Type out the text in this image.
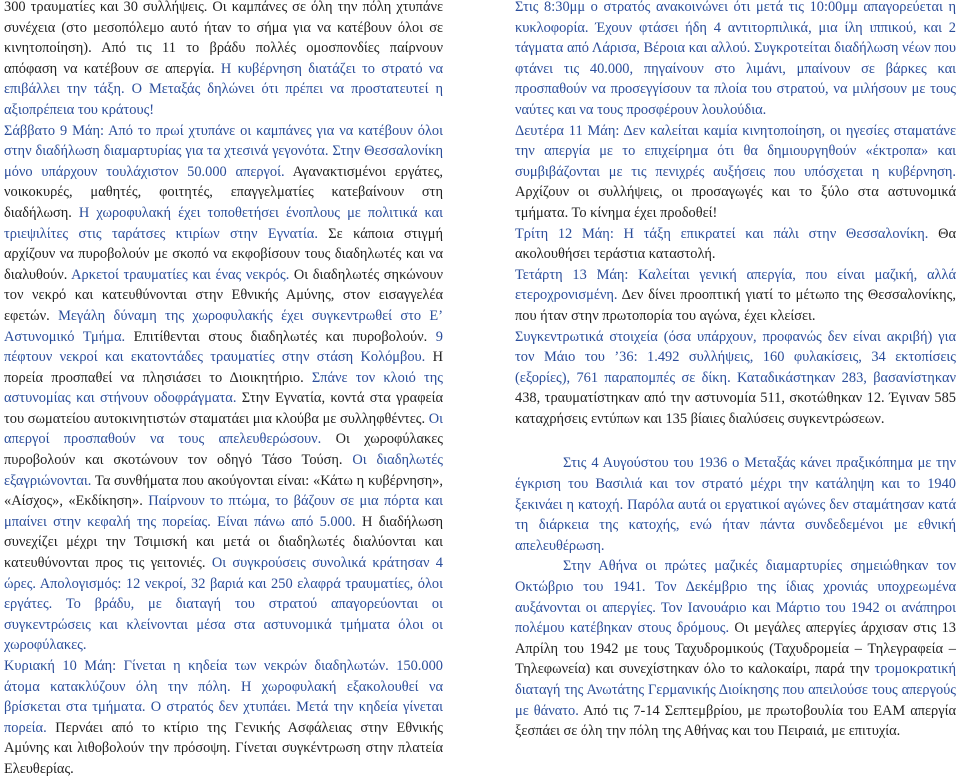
300 τραυματίες και 30 συλλήψεις. Οι καμπάνες σε όλη την πόλη χτυπάνε συνέχεια (στο μεσοπόλεμο αυτό ήταν το σήμα για να κατέβουν όλοι σε κινητοποίηση). Από τις 11 το βράδυ πολλές ομοσπονδίες παίρνουν απόφαση να κατέβουν σε απεργία. Η κυβέρνηση διατάζει το στρατό να επιβάλλει την τάξη. Ο Μεταξάς δηλώνει ότι πρέπει να προστατευτεί η αξιοπρέπεια του κράτους!

Σάββατο 9 Μάη: Από το πρωί χτυπάνε οι καμπάνες για να κατέβουν όλοι στην διαδήλωση διαμαρτυρίας για τα χτεσινά γεγονότα. Στην Θεσσαλονίκη μόνο υπάρχουν τουλάχιστον 50.000 απεργοί. Αγανακτισμένοι εργάτες, νοικοκυρές, μαθητές, φοιτητές, επαγγελματίες κατεβαίνουν στη διαδήλωση. Η χωροφυλακή έχει τοποθετήσει ένοπλους με πολιτικά και τριεψιλίτες στις ταράτσες κτιρίων στην Εγνατία. Σε κάποια στιγμή αρχίζουν να πυροβολούν με σκοπό να εκφοβίσουν τους διαδηλωτές και να διαλυθούν. Αρκετοί τραυματίες και ένας νεκρός. Οι διαδηλωτές σηκώνουν τον νεκρό και κατευθύνονται στην Εθνικής Αμύνης, στον εισαγγελέα εφετών. Μεγάλη δύναμη της χωροφυλακής έχει συγκεντρωθεί στο Ε’ Αστυνομικό Τμήμα. Επιτίθενται στους διαδηλωτές και πυροβολούν. 9 πέφτουν νεκροί και εκατοντάδες τραυματίες στην στάση Κολόμβου. Η πορεία προσπαθεί να πλησιάσει το Διοικητήριο. Σπάνε τον κλοιό της αστυνομίας και στήνουν οδοφράγματα. Στην Εγνατία, κοντά στα γραφεία του σωματείου αυτοκινητιστών σταματάει μια κλούβα με συλληφθέντες. Οι απεργοί προσπαθούν να τους απελευθερώσουν. Οι χωροφύλακες πυροβολούν και σκοτώνουν τον οδηγό Τάσο Τούση. Οι διαδηλωτές εξαγριώνονται. Τα συνθήματα που ακούγονται είναι: «Κάτω η κυβέρνηση», «Αίσχος», «Εκδίκηση». Παίρνουν το πτώμα, το βάζουν σε μια πόρτα και μπαίνει στην κεφαλή της πορείας. Είναι πάνω από 5.000. Η διαδήλωση συνεχίζει μέχρι την Τσιμισκή και μετά οι διαδηλωτές διαλύονται και κατευθύνονται προς τις γειτονιές. Οι συγκρούσεις συνολικά κράτησαν 4 ώρες. Απολογισμός: 12 νεκροί, 32 βαριά και 250 ελαφρά τραυματίες, όλοι εργάτες. Το βράδυ, με διαταγή του στρατού απαγορεύονται οι συγκεντρώσεις και κλείνονται μέσα στα αστυνομικά τμήματα όλοι οι χωροφύλακες.

Κυριακή 10 Μάη: Γίνεται η κηδεία των νεκρών διαδηλωτών. 150.000 άτομα κατακλύζουν όλη την πόλη. Η χωροφυλακή εξακολουθεί να βρίσκεται στα τμήματα. Ο στρατός δεν χτυπάει. Μετά την κηδεία γίνεται πορεία. Περνάει από το κτίριο της Γενικής Ασφάλειας στην Εθνικής Αμύνης και λιθοβολούν την πρόσοψη. Γίνεται συγκέντρωση στην πλατεία Ελευθερίας.

Στις 8:30μμ ο στρατός ανακοινώνει ότι μετά τις 10:00μμ απαγορεύεται η κυκλοφορία. Έχουν φτάσει ήδη 4 αντιτορπιλικά, μια ίλη ιππικού, και 2 τάγματα από Λάρισα, Βέροια και αλλού. Συγκροτείται διαδήλωση νέων που φτάνει τις 40.000, πηγαίνουν στο λιμάνι, μπαίνουν σε βάρκες και προσπαθούν να προσεγγίσουν τα πλοία του στρατού, να μιλήσουν με τους ναύτες και να τους προσφέρουν λουλούδια.

Δευτέρα 11 Μάη: Δεν καλείται καμία κινητοποίηση, οι ηγεσίες σταματάνε την απεργία με το επιχείρημα ότι θα δημιουργηθούν «έκτροπα» και συμβιβάζονται με τις πενιχρές αυξήσεις που υπόσχεται η κυβέρνηση. Αρχίζουν οι συλλήψεις, οι προσαγωγές και το ξύλο στα αστυνομικά τμήματα. Το κίνημα έχει προδοθεί!

Τρίτη 12 Μάη: Η τάξη επικρατεί και πάλι στην Θεσσαλονίκη. Θα ακολουθήσει τεράστια καταστολή.

Τετάρτη 13 Μάη: Καλείται γενική απεργία, που είναι μαζική, αλλά ετεροχρονισμένη. Δεν δίνει προοπτική γιατί το μέτωπο της Θεσσαλονίκης, που ήταν στην πρωτοπορία του αγώνα, έχει κλείσει.

Συγκεντρωτικά στοιχεία (όσα υπάρχουν, προφανώς δεν είναι ακριβή) για τον Μάιο του ’36: 1.492 συλλήψεις, 160 φυλακίσεις, 34 εκτοπίσεις (εξορίες), 761 παραπομπές σε δίκη. Καταδικάστηκαν 283, βασανίστηκαν 438, τραυματίστηκαν από την αστυνομία 511, σκοτώθηκαν 12. Έγιναν 585 καταχρήσεις εντύπων και 135 βίαιες διαλύσεις συγκεντρώσεων.

Στις 4 Αυγούστου του 1936 ο Μεταξάς κάνει πραξικόπημα με την έγκριση του Βασιλιά και τον στρατό μέχρι την κατάληψη και το 1940 ξεκινάει η κατοχή. Παρόλα αυτά οι εργατικοί αγώνες δεν σταμάτησαν κατά τη διάρκεια της κατοχής, ενώ ήταν πάντα συνδεδεμένοι με εθνική απελευθέρωση.

Στην Αθήνα οι πρώτες μαζικές διαμαρτυρίες σημειώθηκαν τον Οκτώβριο του 1941. Τον Δεκέμβριο της ίδιας χρονιάς υποχρεωμένα αυξάνονται οι απεργίες. Τον Ιανουάριο και Μάρτιο του 1942 οι ανάπηροι πολέμου κατέβηκαν στους δρόμους. Οι μεγάλες απεργίες άρχισαν στις 13 Απρίλη του 1942 με τους Ταχυδρομικούς (Ταχυδρομεία – Τηλεγραφεία – Τηλεφωνεία) και συνεχίστηκαν όλο το καλοκαίρι, παρά την τρομοκρατική διαταγή της Ανωτάτης Γερμανικής Διοίκησης που απειλούσε τους απεργούς με θάνατο. Από τις 7-14 Σεπτεμβρίου, με πρωτοβουλία του ΕΑΜ απεργία ξεσπάει σε όλη την πόλη της Αθήνας και του Πειραιά, με επιτυχία.
